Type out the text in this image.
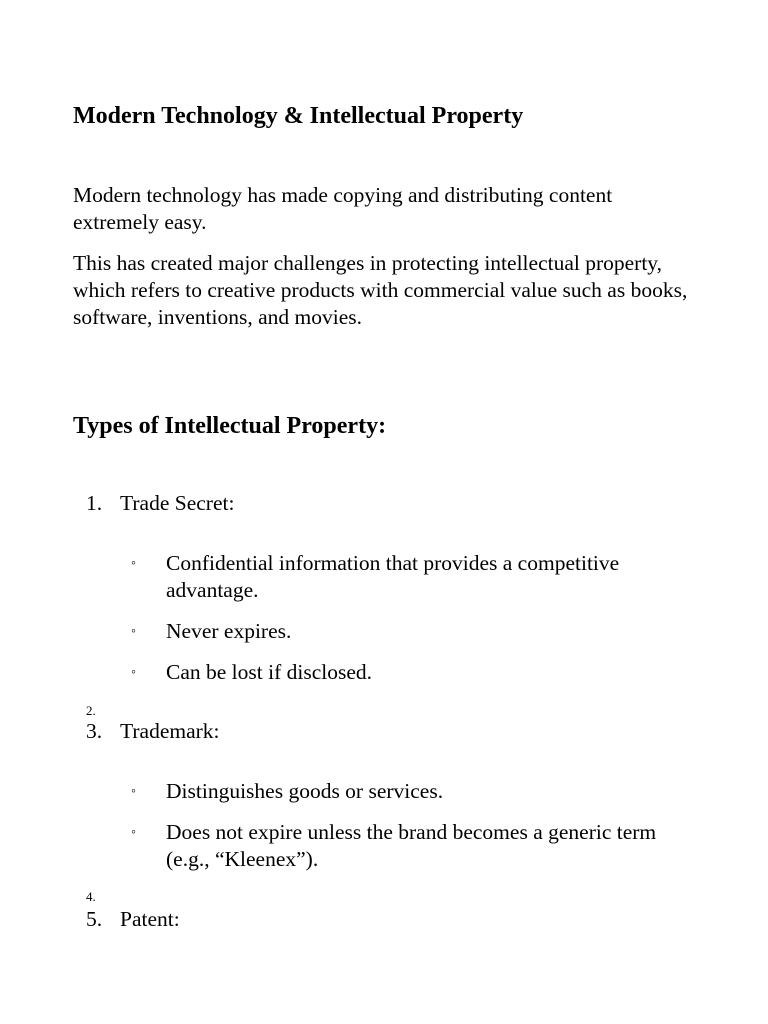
Modern Technology & Intellectual Property

Modern technology has made copying and distributing content extremely easy.

This has created major challenges in protecting intellectual property, which refers to creative products with commercial value such as books, software, inventions, and movies.

Types of Intellectual Property:
1. Trade Secret:
◦ Confidential information that provides a competitive advantage.
◦ Never expires.
◦ Can be lost if disclosed.
2.
3. Trademark:
◦ Distinguishes goods or services.
◦ Does not expire unless the brand becomes a generic term (e.g., “Kleenex”).
4.
5. Patent:
